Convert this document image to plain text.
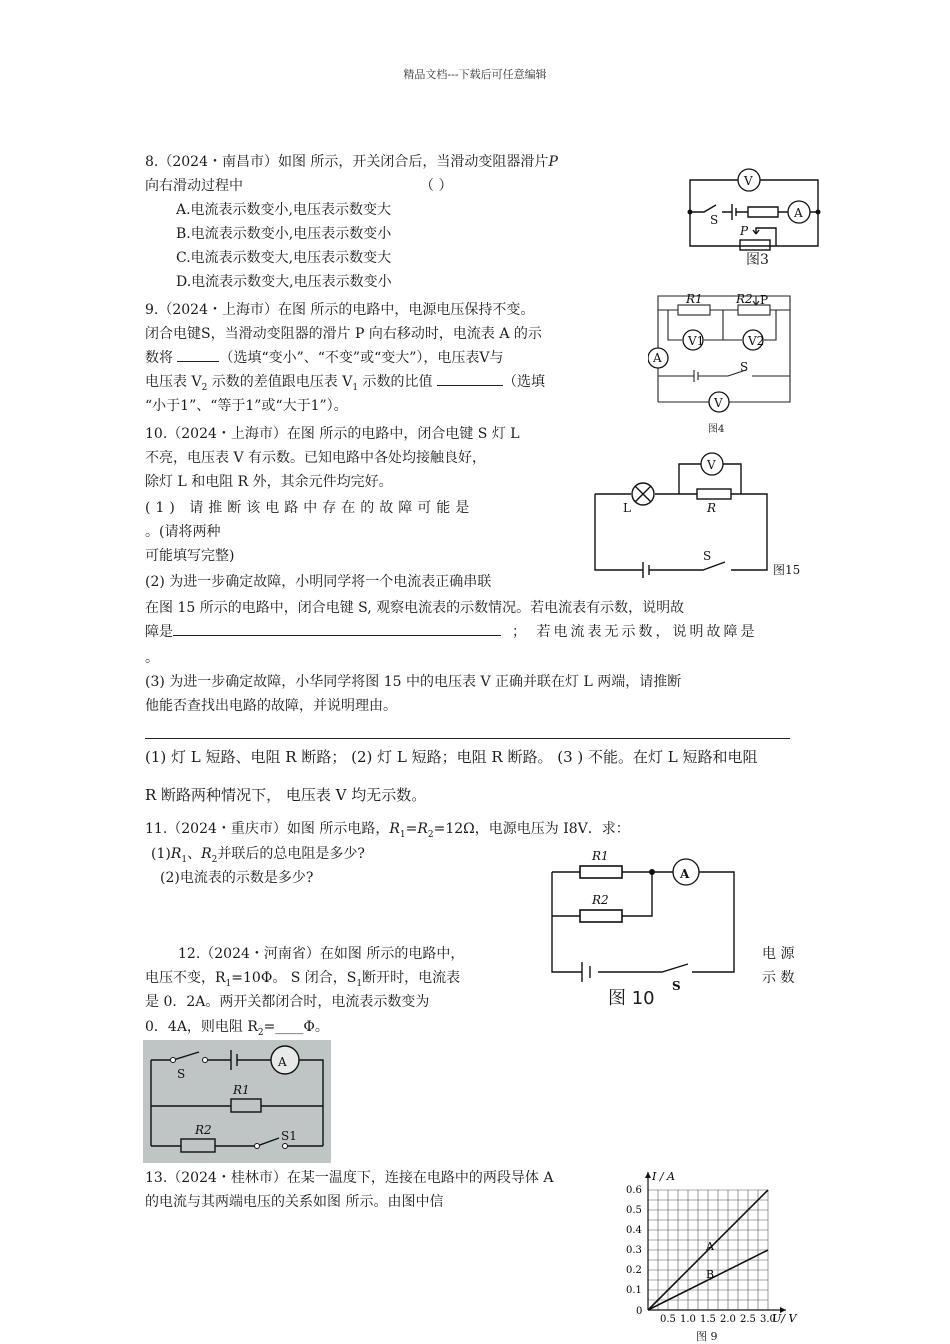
精品文档---下载后可任意编辑
8.（2024・南昌市）如图 所示，开关闭合后，当滑动变阻器滑片P
向右滑动过程中	（ ）
A.电流表示数变小,电压表示数变大
B.电流表示数变小,电压表示数变小
C.电流表示数变大,电压表示数变大
D.电流表示数变大,电压表示数变小
V
A
S
P
图3
9.（2024・上海市）在图 所示的电路中，电源电压保持不变。
闭合电键S，当滑动变阻器的滑片 P 向右移动时，电流表 A 的示
数将	（选填“变小”、“不变”或“变大”），电压表V与
电压表 $V_2$ 示数的差值跟电压表 $V_1$ 示数的比值	（选填
“小于1”、“等于1”或“大于1”）。
R1	R2 P
V1	V2
A
S
V
图4
10.（2024・上海市）在图 所示的电路中，闭合电键 S 灯 L
不亮，电压表 V 有示数。已知电路中各处均接触良好，
除灯 L 和电阻 R 外，其余元件均完好。
(1) 请推断该电路中存在的故障可能是
。(请将两种
可能填写完整)
(2) 为进一步确定故障，小明同学将一个电流表正确串联
在图 15 所示的电路中，闭合电键 S, 观察电流表的示数情况。若电流表有示数，说明故
障是	； 若电流表无示数，说明故障是
。
(3) 为进一步确定故障，小华同学将图 15 中的电压表 V 正确并联在灯 L 两端，请推断
他能否查找出电路的故障，并说明理由。
(1) 灯 L 短路、电阻 R 断路； (2) 灯 L 短路；电阻 R 断路。 (3 ) 不能。在灯 L 短路和电阻
R 断路两种情况下， 电压表 V 均无示数。
V
L	R
S
图15
11.（2024・重庆市）如图 所示电路，$R_1=R_2=12\Omega$，电源电压为 I8V．求：
$(1)R_1$、$R_2$并联后的总电阻是多少?
(2)电流表的示数是多少?	A
R1
R2
S
图 10
12.（2024・河南省）在如图 所示的电路中，	电 源
电压不变，$R_1=10\Phi$。 S 闭合，$S_1$断开时，电流表	示 数
是 0．2A。两开关都闭合时，电流表示数变为
0．4A，则电阻 $R_2=\_\_\_\_\Phi$。
A
S
R1
R2	S1
13.（2024・桂林市）在某一温度下，连接在电路中的两段导体 A
的电流与其两端电压的关系如图 所示。由图中信
0.5 1.0 1.5 2.0 2.5 3.0
0.1
0.2
0.3
0.4
0.5
0.6
0
U/ V
I / A
A
B
图 9
